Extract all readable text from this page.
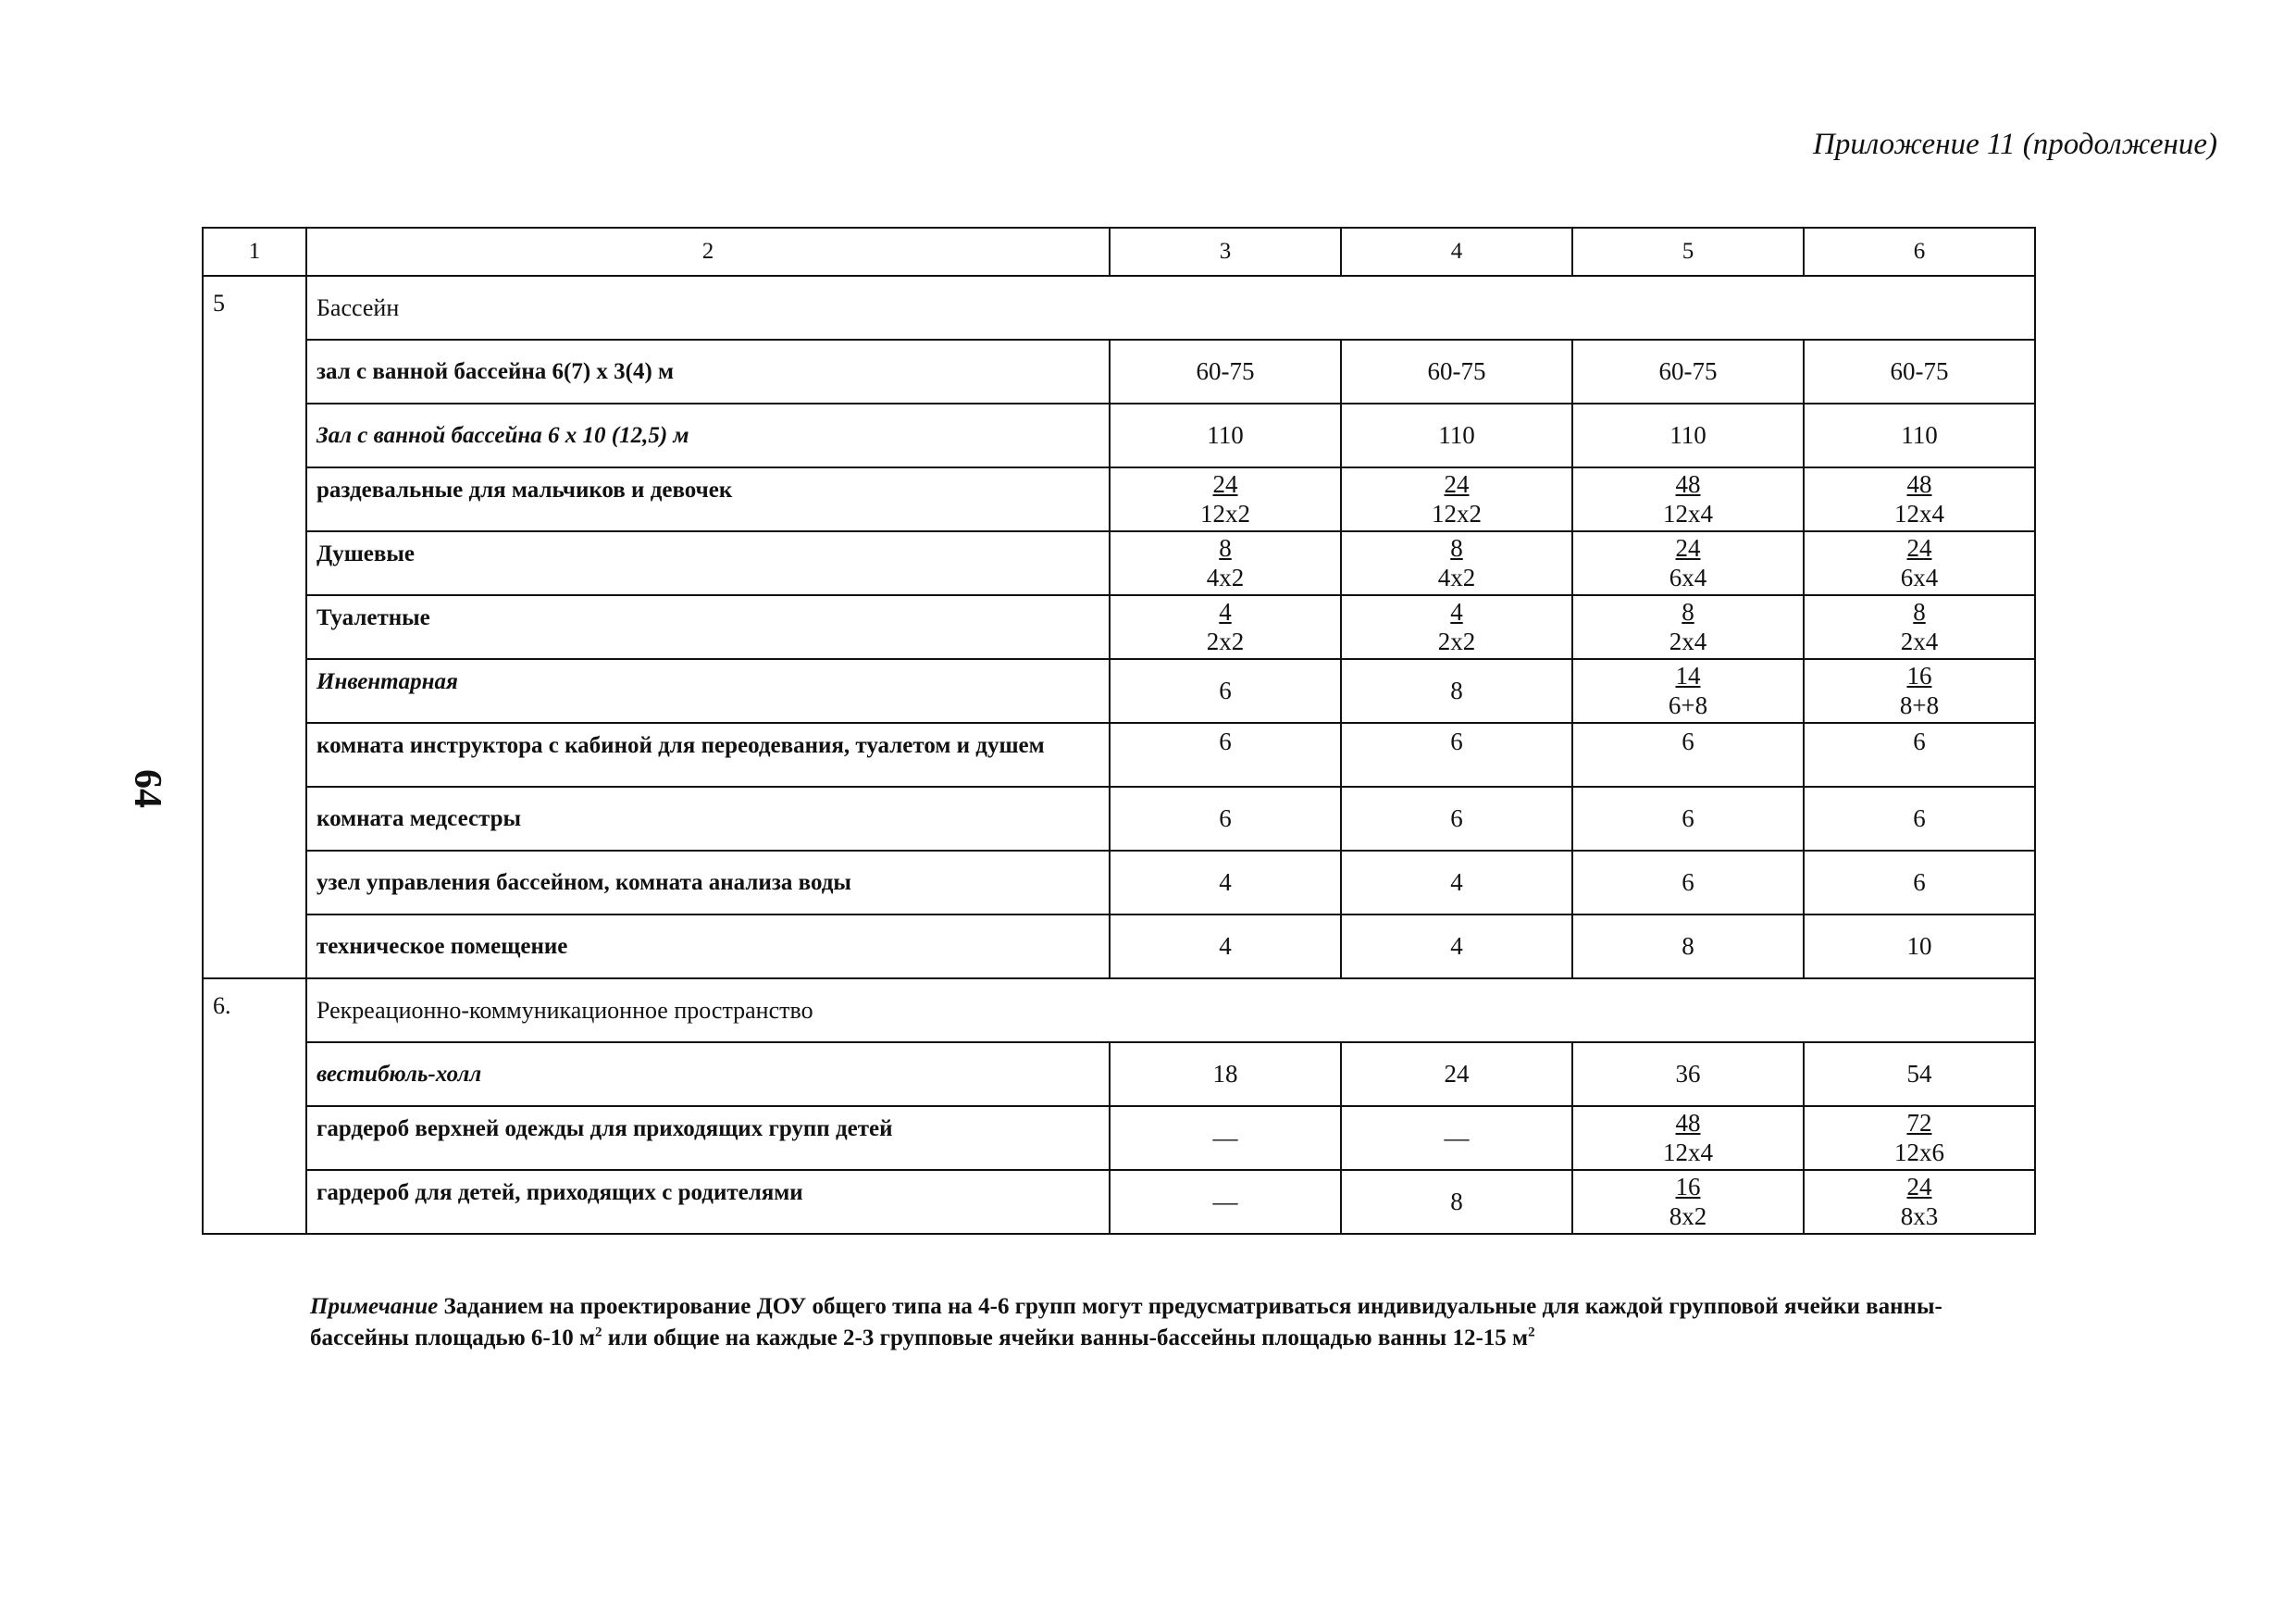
Приложение 11 (продолжение)
64
1	2	3	4	5	6
5	Бассейн				
	зал с ванной бассейна 6(7) x 3(4) м	60-75	60-75	60-75	60-75
	Зал с ванной бассейна 6 х 10 (12,5) м	110	110	110	110
	раздевальные для мальчиков и девочек	$\frac{24}{12x2}$	$\frac{24}{12x2}$	$\frac{48}{12x4}$	$\frac{48}{12x4}$

	Душевые	$\frac{8}{4x2}$	$\frac{8}{4x2}$	$\frac{24}{6x4}$	$\frac{24}{6x4}$

	Туалетные	$\frac{4}{2x2}$	$\frac{4}{2x2}$	$\frac{8}{2x4}$	$\frac{8}{2x4}$

	Инвентарная	6	8	$\frac{14}{6+8}$	$\frac{16}{8+8}$

	комната инструктора с кабиной для переодевания, туалетом и душем	6	6	6	6
	комната медсестры	6	6	6	6
	узел управления бассейном, комната анализа воды	4	4	6	6
	техническое помещение	4	4	8	10
6.	Рекреационно-коммуникационное пространство				
	вестибюль-холл	18	24	36	54
	гардероб верхней одежды для приходящих групп детей	—	—	$\frac{48}{12x4}$	$\frac{72}{12x6}$

	гардероб для детей, приходящих с родителями	—	8	$\frac{16}{8x2}$	$\frac{24}{8x3}$
Примечание Заданием на проектирование ДОУ общего типа на 4-6 групп могут предусматриваться индивидуальные для каждой групповой ячейки ванны-бассейны площадью 6-10 $м^2$ или общие на каждые 2-3 групповые ячейки ванны-бассейны площадью ванны 12-15 $м^2$
